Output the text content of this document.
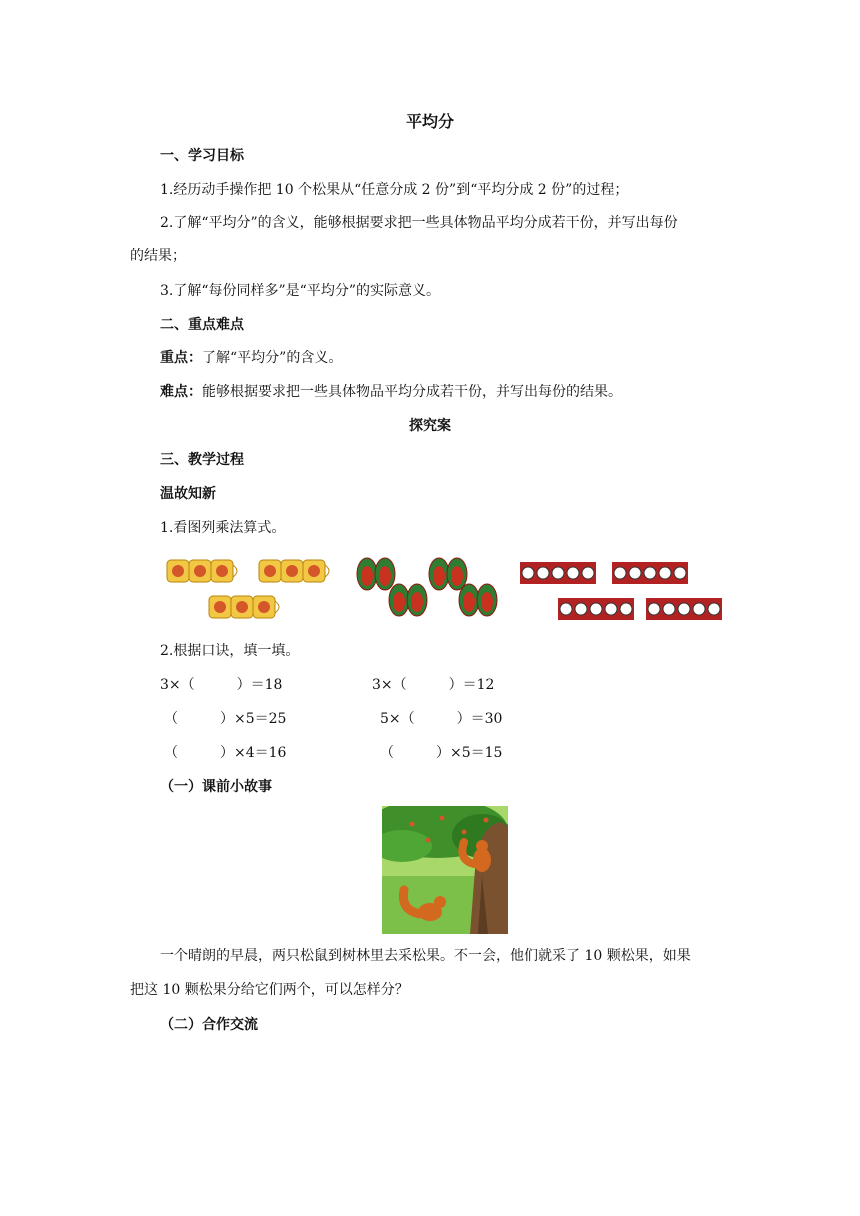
平均分
一、学习目标
1.经历动手操作把 10 个松果从“任意分成 2 份”到“平均分成 2 份”的过程；
2.了解“平均分”的含义，能够根据要求把一些具体物品平均分成若干份，并写出每份
的结果；
3.了解“每份同样多”是“平均分”的实际意义。
二、重点难点
重点：了解“平均分”的含义。
难点：能够根据要求把一些具体物品平均分成若干份，并写出每份的结果。
探究案
三、教学过程
温故知新
1.看图列乘法算式。
2.根据口诀，填一填。
3×（　　　）＝18	3×（　　　）＝12
（　　　）×5＝25	5×（　　　）＝30
（　　　）×4＝16	（　　　）×5＝15
（一）课前小故事
一个晴朗的早晨，两只松鼠到树林里去采松果。不一会，他们就采了 10 颗松果，如果
把这 10 颗松果分给它们两个，可以怎样分？
（二）合作交流
